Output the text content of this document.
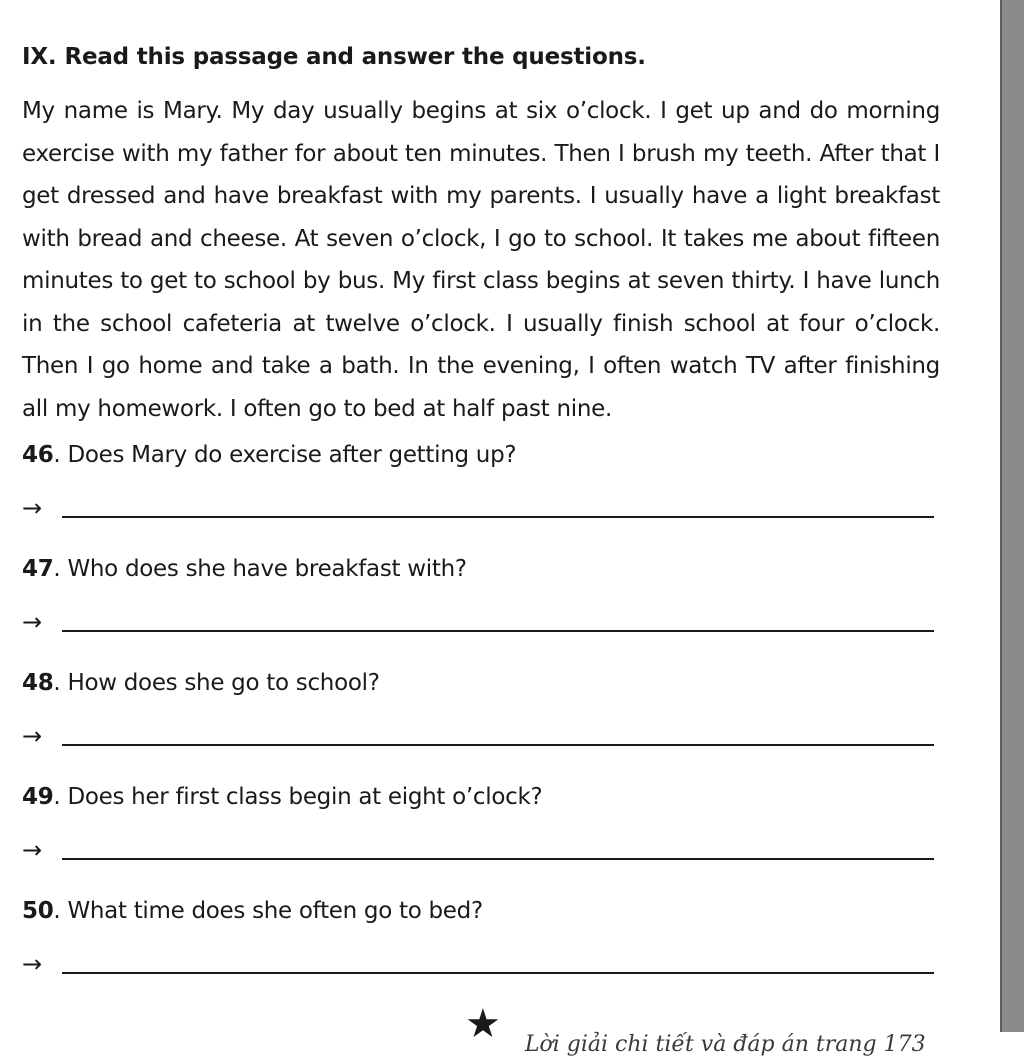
IX. Read this passage and answer the questions.
My name is Mary. My day usually begins at six o’clock. I get up and do morning exercise with my father for about ten minutes. Then I brush my teeth. After that I get dressed and have breakfast with my parents. I usually have a light breakfast with bread and cheese. At seven o’clock, I go to school. It takes me about fifteen minutes to get to school by bus. My first class begins at seven thirty. I have lunch in the school cafeteria at twelve o’clock. I usually finish school at four o’clock. Then I go home and take a bath. In the evening, I often watch TV after finishing all my homework. I often go to bed at half past nine.
46. Does Mary do exercise after getting up?
→
47. Who does she have breakfast with?
→
48. How does she go to school?
→
49. Does her first class begin at eight o’clock?
→
50. What time does she often go to bed?
→
★ Lời giải chi tiết và đáp án trang 173
